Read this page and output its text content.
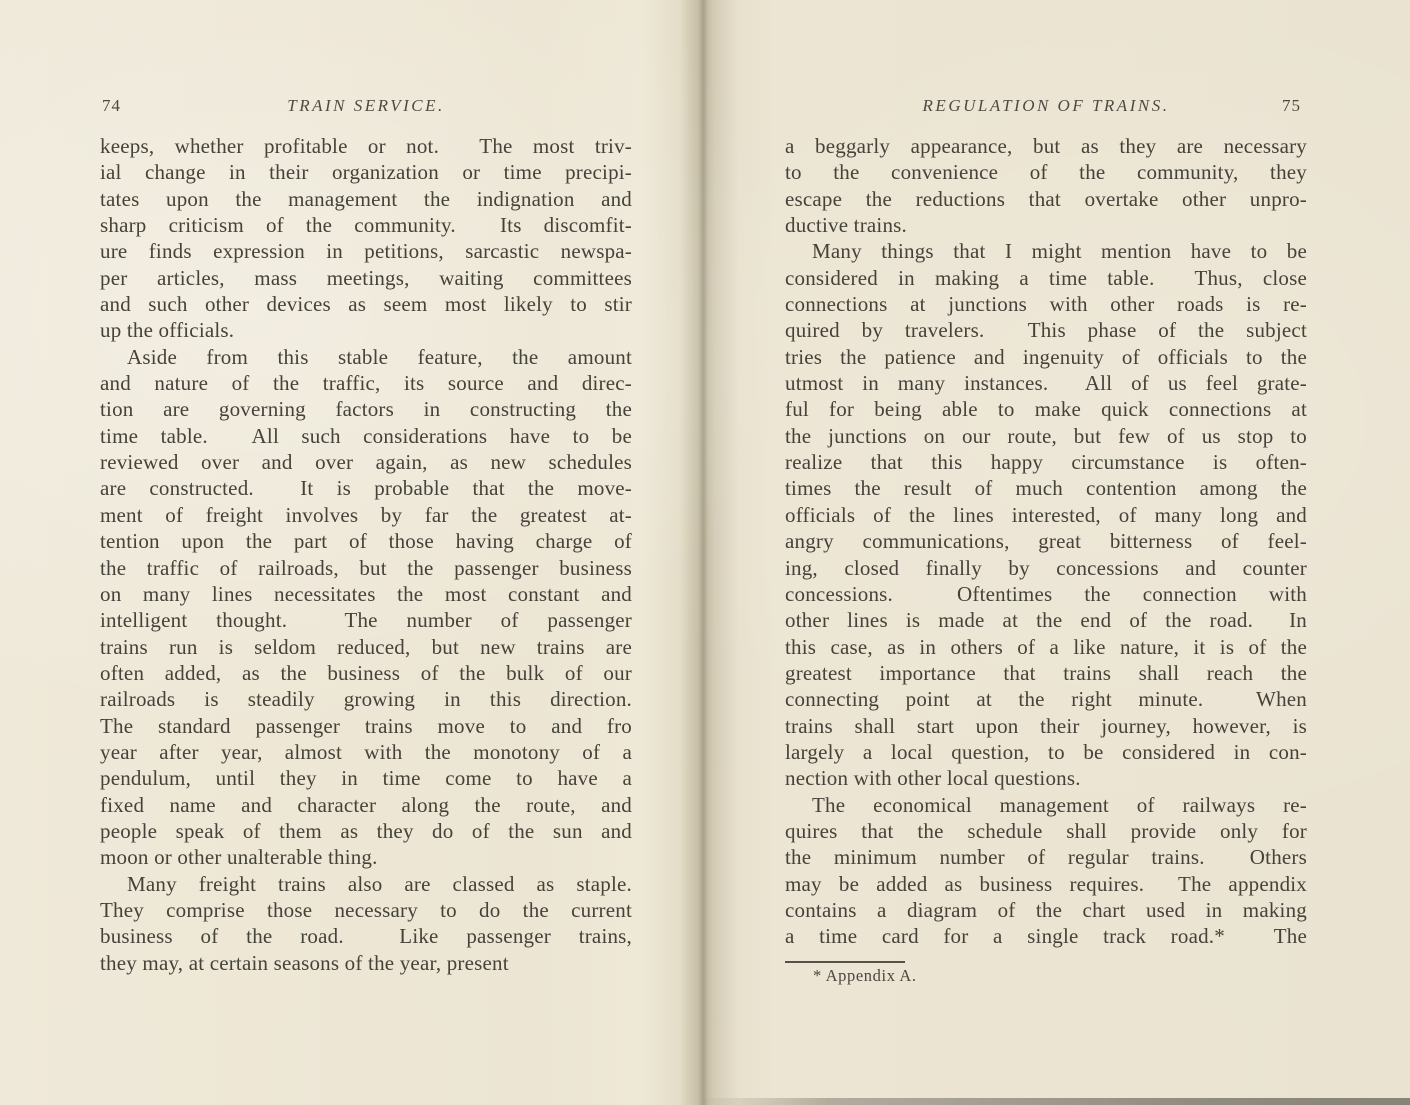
74	TRAIN SERVICE.
keeps, whether profitable or not.  The most triv-
ial change in their organization or time precipi-
tates upon the management the indignation and
sharp criticism of the community.  Its discomfit-
ure finds expression in petitions, sarcastic newspa-
per articles, mass meetings, waiting committees
and such other devices as seem most likely to stir
up the officials.
Aside from this stable feature, the amount
and nature of the traffic, its source and direc-
tion are governing factors in constructing the
time table.  All such considerations have to be
reviewed over and over again, as new schedules
are constructed.  It is probable that the move-
ment of freight involves by far the greatest at-
tention upon the part of those having charge of
the traffic of railroads, but the passenger business
on many lines necessitates the most constant and
intelligent thought.  The number of passenger
trains run is seldom reduced, but new trains are
often added, as the business of the bulk of our
railroads is steadily growing in this direction.
The standard passenger trains move to and fro
year after year, almost with the monotony of a
pendulum, until they in time come to have a
fixed name and character along the route, and
people speak of them as they do of the sun and
moon or other unalterable thing.
Many freight trains also are classed as staple.
They comprise those necessary to do the current
business of the road.  Like passenger trains,
they may, at certain seasons of the year, present
REGULATION OF TRAINS.	75
a beggarly appearance, but as they are necessary
to the convenience of the community, they
escape the reductions that overtake other unpro-
ductive trains.
Many things that I might mention have to be
considered in making a time table.  Thus, close
connections at junctions with other roads is re-
quired by travelers.  This phase of the subject
tries the patience and ingenuity of officials to the
utmost in many instances.  All of us feel grate-
ful for being able to make quick connections at
the junctions on our route, but few of us stop to
realize that this happy circumstance is often-
times the result of much contention among the
officials of the lines interested, of many long and
angry communications, great bitterness of feel-
ing, closed finally by concessions and counter
concessions.  Oftentimes the connection with
other lines is made at the end of the road.  In
this case, as in others of a like nature, it is of the
greatest importance that trains shall reach the
connecting point at the right minute.  When
trains shall start upon their journey, however, is
largely a local question, to be considered in con-
nection with other local questions.
The economical management of railways re-
quires that the schedule shall provide only for
the minimum number of regular trains.  Others
may be added as business requires.  The appendix
contains a diagram of the chart used in making
a time card for a single track road.*  The
* Appendix A.
